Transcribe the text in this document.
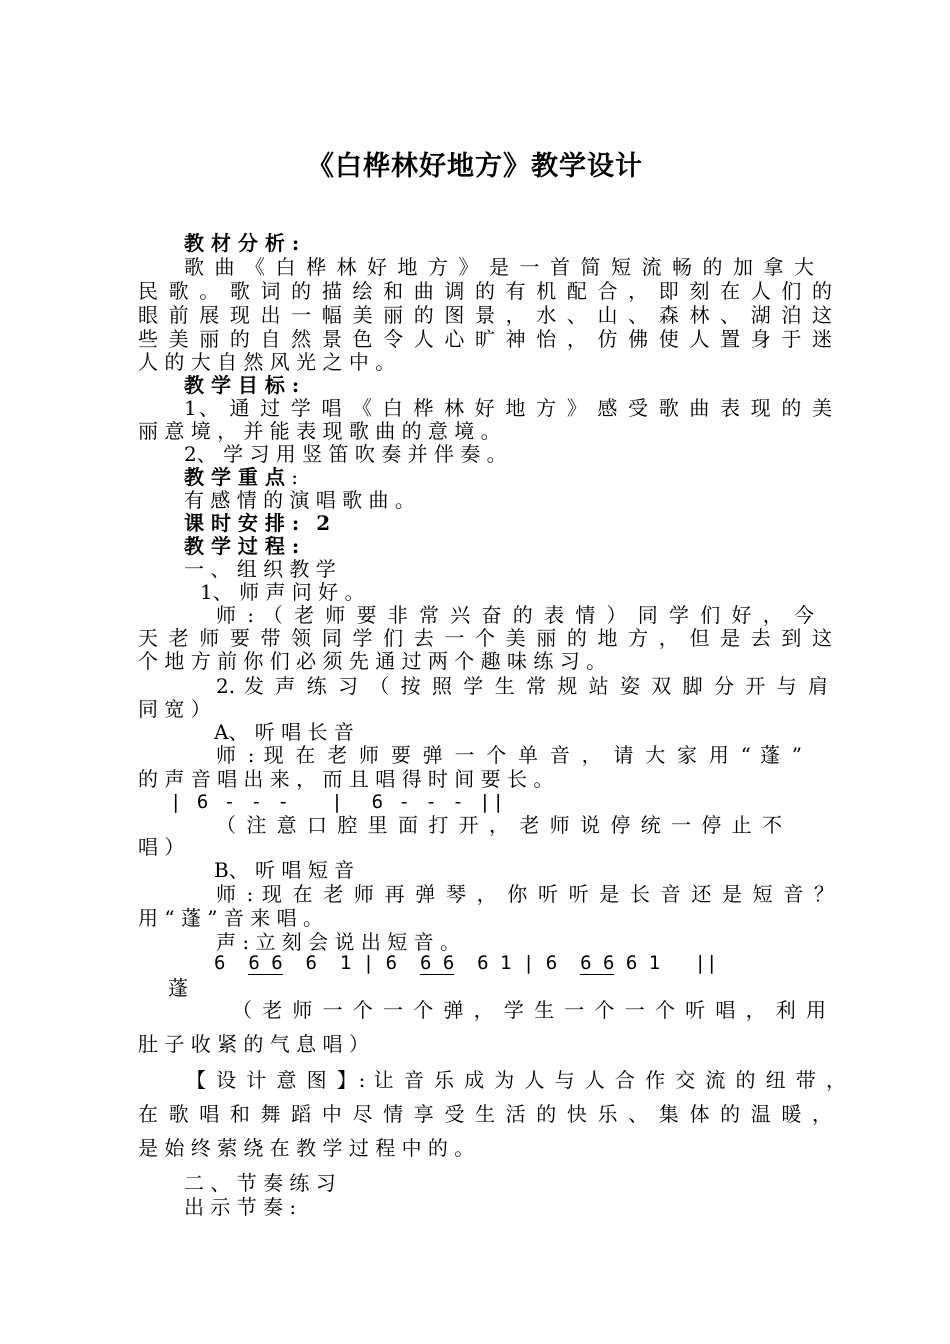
《白桦林好地方》教学设计
教 材 分 析 :
歌 曲 《 白 桦 林 好 地 方 》 是 一 首 简 短 流 畅 的 加 拿 大
民 歌 。 歌 词 的 描 绘 和 曲 调 的 有 机 配 合 ， 即 刻 在 人 们 的
眼 前 展 现 出 一 幅 美 丽 的 图 景 ， 水 、 山 、 森 林 、 湖 泊 这
些 美 丽 的 自 然 景 色 令 人 心 旷 神 怡 ， 仿 佛 使 人 置 身 于 迷
人 的 大 自 然 风 光 之 中 。
教 学 目 标 :
1、 通 过 学 唱 《 白 桦 林 好 地 方 》 感 受 歌 曲 表 现 的 美
丽 意 境 ， 并 能 表 现 歌 曲 的 意 境 。
2、 学 习 用 竖 笛 吹 奏 并 伴 奏 。
教 学 重 点 :
有 感 情 的 演 唱 歌 曲 。
课 时 安 排 : 2
教 学 过 程 :
一 、 组 织 教 学
1、 师 声 问 好 。
师 : （ 老 师 要 非 常 兴 奋 的 表 情 ） 同 学 们 好 ， 今
天 老 师 要 带 领 同 学 们 去 一 个 美 丽 的 地 方 ， 但 是 去 到 这
个 地 方 前 你 们 必 须 先 通 过 两 个 趣 味 练 习 。
2. 发 声 练 习 （ 按 照 学 生 常 规 站 姿 双 脚 分 开 与 肩
同 宽 ）
A、 听 唱 长 音
师 : 现 在 老 师 要 弹 一 个 单 音 ， 请 大 家 用 “ 蓬 ”
的 声 音 唱 出 来 ， 而 且 唱 得 时 间 要 长 。
| 6 - - -   |  6 - - - ||
（ 注 意 口 腔 里 面 打 开 ， 老 师 说 停 统 一 停 止 不
唱 ）
B、 听 唱 短 音
师 : 现 在 老 师 再 弹 琴 ， 你 听 听 是 长 音 还 是 短 音 ？
用 “ 蓬 ” 音 来 唱 。
声 : 立 刻 会 说 出 短 音 。
6  6 6  6  1 | 6  6 6  6 1 | 6  6 6 6 1   ||
蓬
（ 老 师 一 个 一 个 弹 ， 学 生 一 个 一 个 听 唱 ， 利 用
肚 子 收 紧 的 气 息 唱 ）
【 设 计 意 图 】: 让 音 乐 成 为 人 与 人 合 作 交 流 的 纽 带 ，
在 歌 唱 和 舞 蹈 中 尽 情 享 受 生 活 的 快 乐 、 集 体 的 温 暖 ，
是 始 终 萦 绕 在 教 学 过 程 中 的 。
二 、 节 奏 练 习
出 示 节 奏 :
